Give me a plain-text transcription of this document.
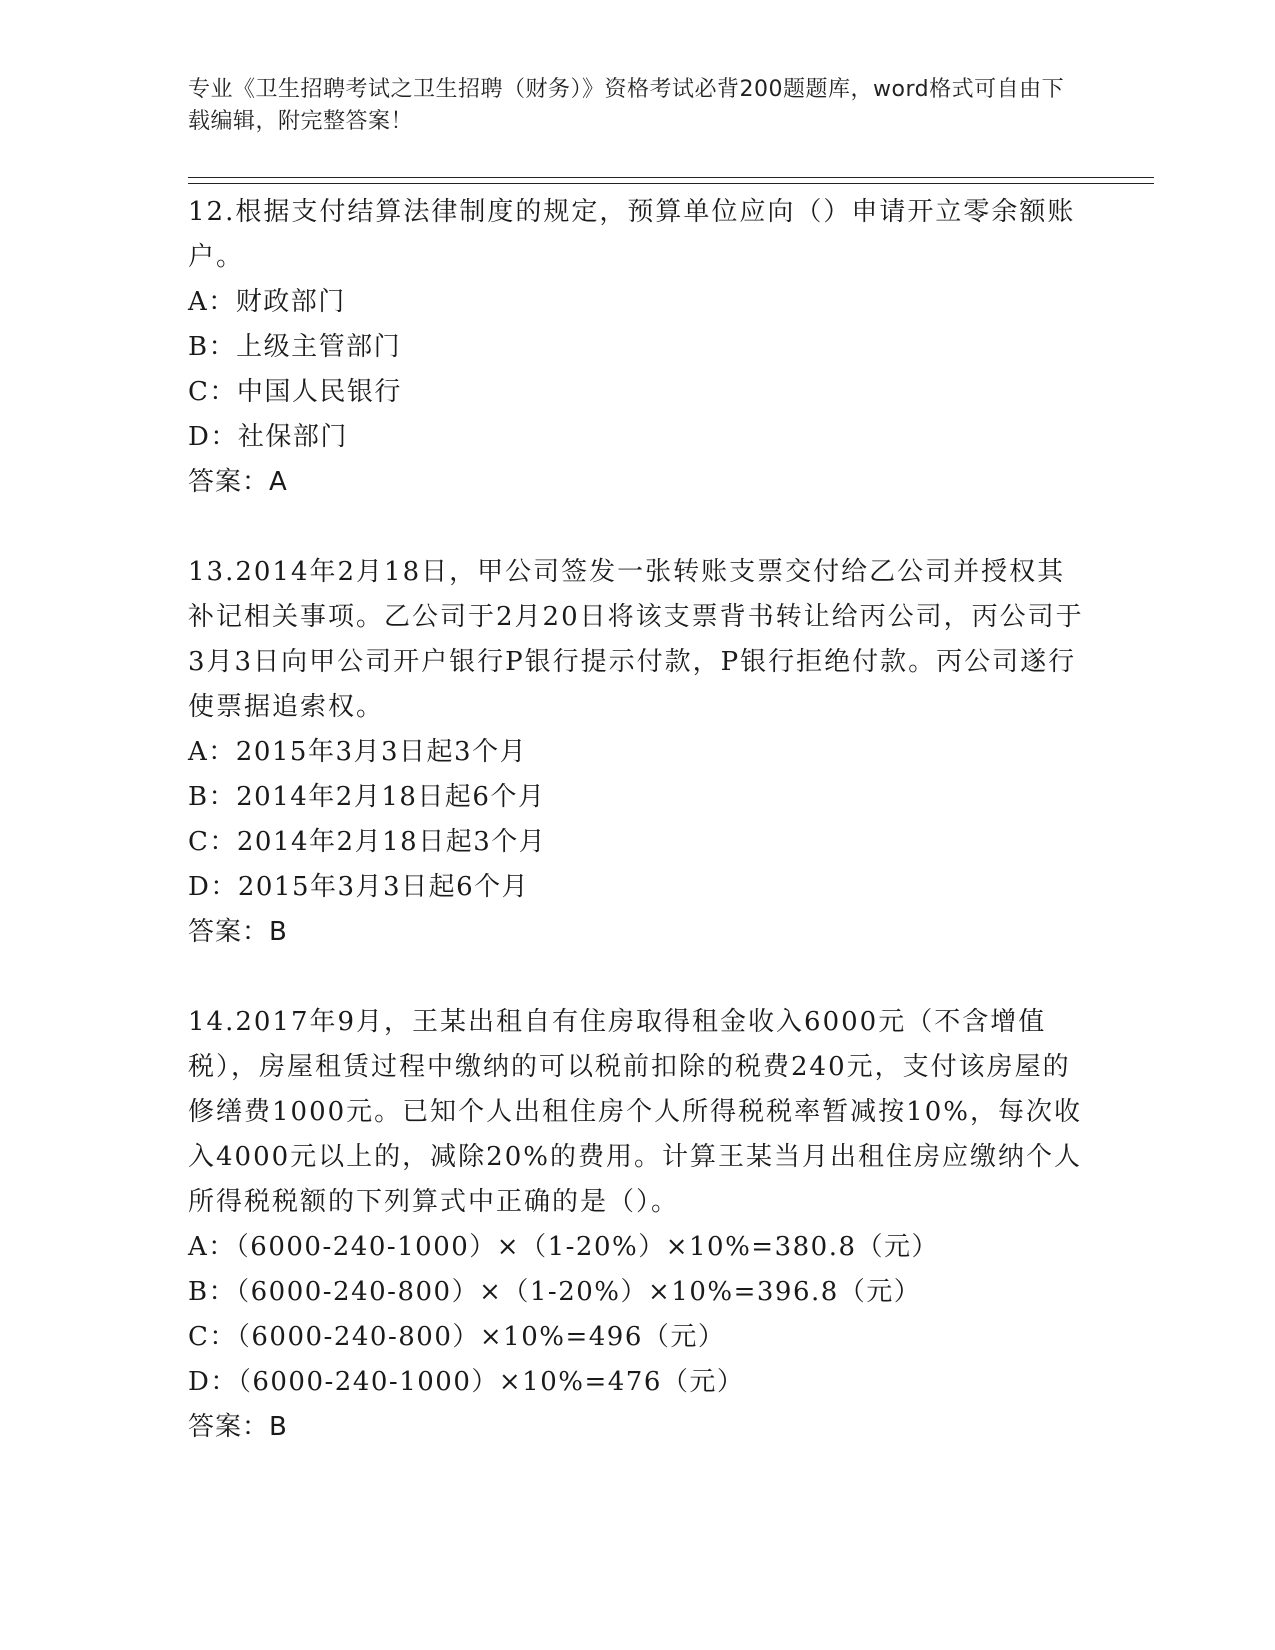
专业《卫生招聘考试之卫生招聘（财务）》资格考试必背200题题库，word格式可自由下载编辑，附完整答案！

12.根据支付结算法律制度的规定，预算单位应向（）申请开立零余额账户。

A：财政部门

B：上级主管部门

C：中国人民银行

D：社保部门

答案：A

13.2014年2月18日，甲公司签发一张转账支票交付给乙公司并授权其补记相关事项。乙公司于2月20日将该支票背书转让给丙公司，丙公司于3月3日向甲公司开户银行P银行提示付款，P银行拒绝付款。丙公司遂行使票据追索权。

A：2015年3月3日起3个月

B：2014年2月18日起6个月

C：2014年2月18日起3个月

D：2015年3月3日起6个月

答案：B

14.2017年9月，王某出租自有住房取得租金收入6000元（不含增值税），房屋租赁过程中缴纳的可以税前扣除的税费240元，支付该房屋的修缮费1000元。已知个人出租住房个人所得税税率暂减按10%，每次收入4000元以上的，减除20%的费用。计算王某当月出租住房应缴纳个人所得税税额的下列算式中正确的是（）。

A：（6000-240-1000）×（1-20%）×10%=380.8（元）

B：（6000-240-800）×（1-20%）×10%=396.8（元）

C：（6000-240-800）×10%=496（元）

D：（6000-240-1000）×10%=476（元）

答案：B
